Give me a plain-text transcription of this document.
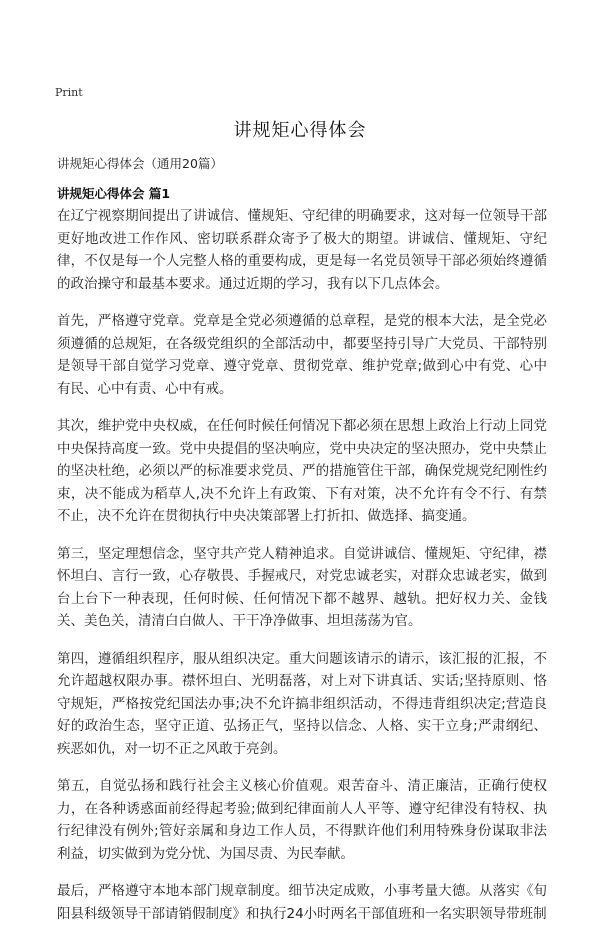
Print
讲规矩心得体会

讲规矩心得体会（通用20篇）

讲规矩心得体会 篇1

在辽宁视察期间提出了讲诚信、懂规矩、守纪律的明确要求，这对每一位领导干部更好地改进工作作风、密切联系群众寄予了极大的期望。讲诚信、懂规矩、守纪律，不仅是每一个人完整人格的重要构成，更是每一名党员领导干部必须始终遵循的政治操守和最基本要求。通过近期的学习，我有以下几点体会。

首先，严格遵守党章。党章是全党必须遵循的总章程，是党的根本大法，是全党必须遵循的总规矩，在各级党组织的全部活动中，都要坚持引导广大党员、干部特别是领导干部自觉学习党章、遵守党章、贯彻党章、维护党章;做到心中有党、心中有民、心中有责、心中有戒。

其次，维护党中央权威，在任何时候任何情况下都必须在思想上政治上行动上同党中央保持高度一致。党中央提倡的坚决响应，党中央决定的坚决照办，党中央禁止的坚决杜绝，必须以严的标准要求党员、严的措施管住干部，确保党规党纪刚性约束，决不能成为稻草人,决不允许上有政策、下有对策，决不允许有令不行、有禁不止，决不允许在贯彻执行中央决策部署上打折扣、做选择、搞变通。

第三，坚定理想信念，坚守共产党人精神追求。自觉讲诚信、懂规矩、守纪律，襟怀坦白、言行一致，心存敬畏、手握戒尺，对党忠诚老实，对群众忠诚老实，做到台上台下一种表现，任何时候、任何情况下都不越界、越轨。把好权力关、金钱关、美色关，清清白白做人、干干净净做事、坦坦荡荡为官。

第四，遵循组织程序，服从组织决定。重大问题该请示的请示，该汇报的汇报，不允许超越权限办事。襟怀坦白、光明磊落，对上对下讲真话、实话;坚持原则、恪守规矩，严格按党纪国法办事;决不允许搞非组织活动，不得违背组织决定;营造良好的政治生态，坚守正道、弘扬正气，坚持以信念、人格、实干立身;严肃纲纪、疾恶如仇，对一切不正之风敢于亮剑。

第五，自觉弘扬和践行社会主义核心价值观。艰苦奋斗、清正廉洁，正确行使权力，在各种诱惑面前经得起考验;做到纪律面前人人平等、遵守纪律没有特权、执行纪律没有例外;管好亲属和身边工作人员，不得默许他们利用特殊身份谋取非法利益，切实做到为党分忧、为国尽责、为民奉献。

最后，严格遵守本地本部门规章制度。细节决定成败，小事考量大德。从落实《旬阳县科级领导干部请销假制度》和执行24小时两名干部值班和一名实职领导带班制
